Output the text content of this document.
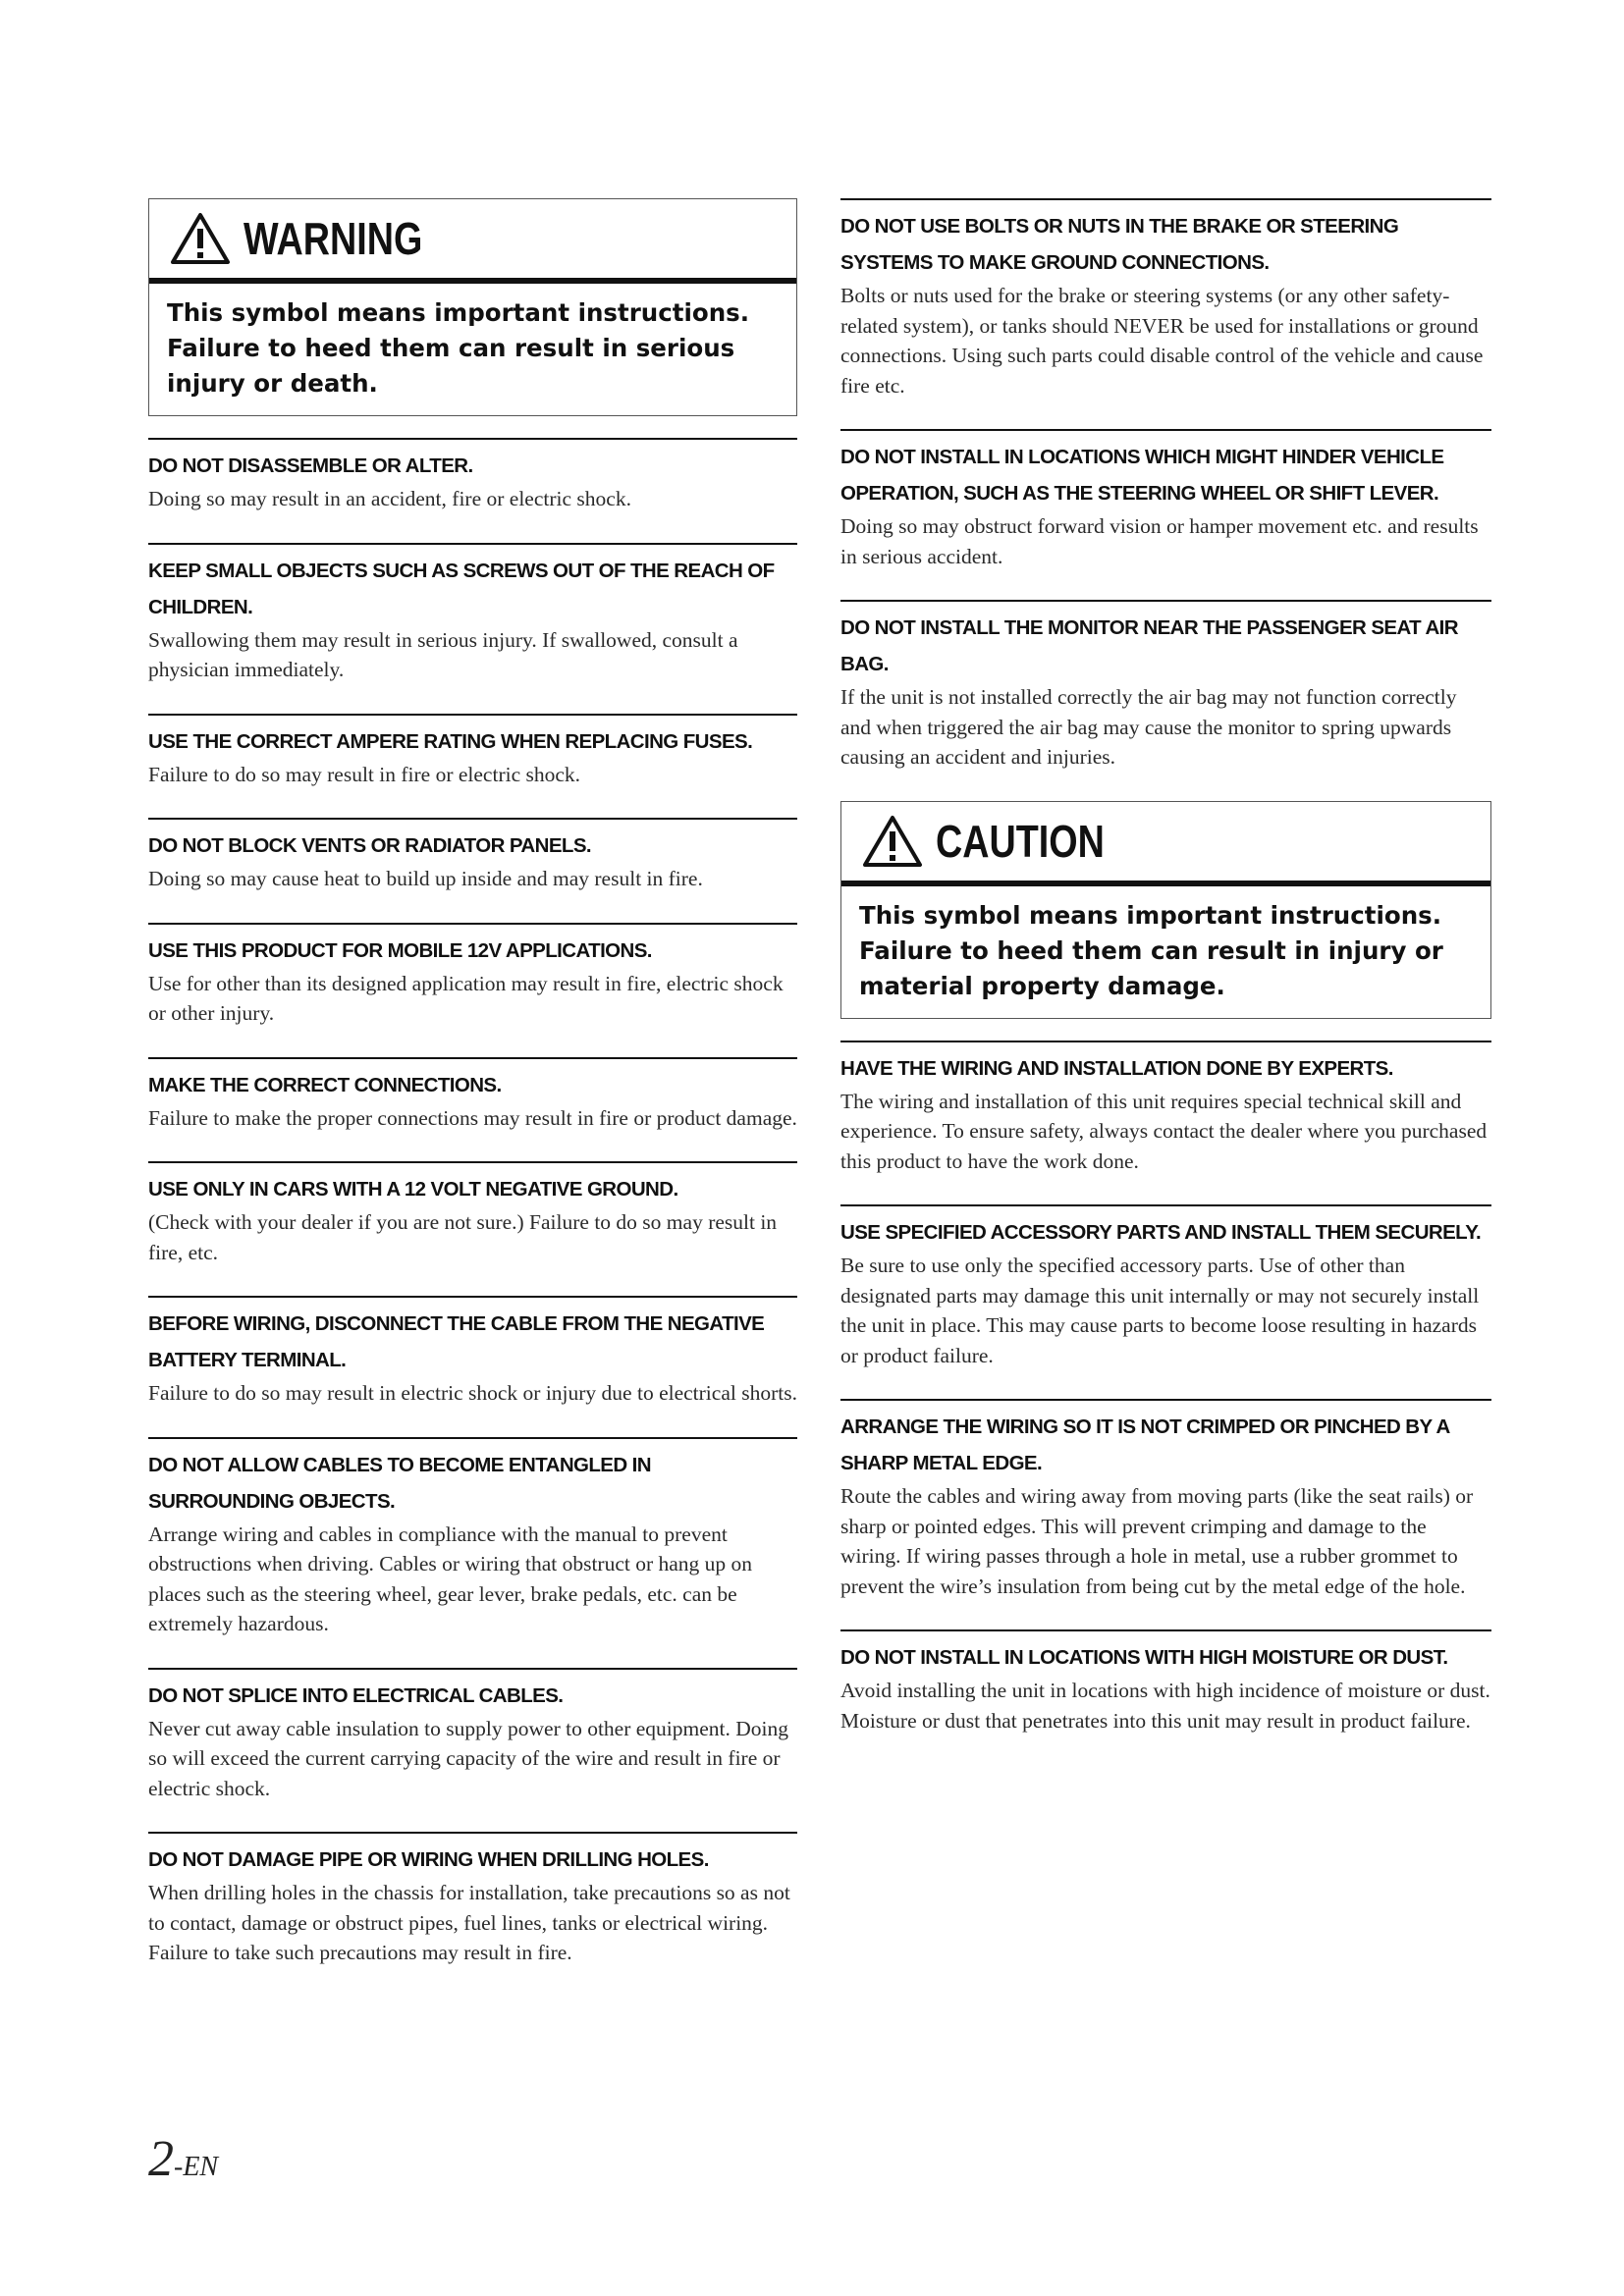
WARNING
This symbol means important instructions. Failure to heed them can result in serious injury or death.
DO NOT DISASSEMBLE OR ALTER.
Doing so may result in an accident, fire or electric shock.
KEEP SMALL OBJECTS SUCH AS SCREWS OUT OF THE REACH OF CHILDREN.
Swallowing them may result in serious injury. If swallowed, consult a physician immediately.
USE THE CORRECT AMPERE RATING WHEN REPLACING FUSES.
Failure to do so may result in fire or electric shock.
DO NOT BLOCK VENTS OR RADIATOR PANELS.
Doing so may cause heat to build up inside and may result in fire.
USE THIS PRODUCT FOR MOBILE 12V APPLICATIONS.
Use for other than its designed application may result in fire, electric shock or other injury.
MAKE THE CORRECT CONNECTIONS.
Failure to make the proper connections may result in fire or product damage.
USE ONLY IN CARS WITH A 12 VOLT NEGATIVE GROUND.
(Check with your dealer if you are not sure.) Failure to do so may result in fire, etc.
BEFORE WIRING, DISCONNECT THE CABLE FROM THE NEGATIVE BATTERY TERMINAL.
Failure to do so may result in electric shock or injury due to electrical shorts.
DO NOT ALLOW CABLES TO BECOME ENTANGLED IN SURROUNDING OBJECTS.
Arrange wiring and cables in compliance with the manual to prevent obstructions when driving. Cables or wiring that obstruct or hang up on places such as the steering wheel, gear lever, brake pedals, etc. can be extremely hazardous.
DO NOT SPLICE INTO ELECTRICAL CABLES.
Never cut away cable insulation to supply power to other equipment. Doing so will exceed the current carrying capacity of the wire and result in fire or electric shock.
DO NOT DAMAGE PIPE OR WIRING WHEN DRILLING HOLES.
When drilling holes in the chassis for installation, take precautions so as not to contact, damage or obstruct pipes, fuel lines, tanks or electrical wiring. Failure to take such precautions may result in fire.
DO NOT USE BOLTS OR NUTS IN THE BRAKE OR STEERING SYSTEMS TO MAKE GROUND CONNECTIONS.
Bolts or nuts used for the brake or steering systems (or any other safety-related system), or tanks should NEVER be used for installations or ground connections. Using such parts could disable control of the vehicle and cause fire etc.
DO NOT INSTALL IN LOCATIONS WHICH MIGHT HINDER VEHICLE OPERATION, SUCH AS THE STEERING WHEEL OR SHIFT LEVER.
Doing so may obstruct forward vision or hamper movement etc. and results in serious accident.
DO NOT INSTALL THE MONITOR NEAR THE PASSENGER SEAT AIR BAG.
If the unit is not installed correctly the air bag may not function correctly and when triggered the air bag may cause the monitor to spring upwards causing an accident and injuries.
CAUTION
This symbol means important instructions. Failure to heed them can result in injury or material property damage.
HAVE THE WIRING AND INSTALLATION DONE BY EXPERTS.
The wiring and installation of this unit requires special technical skill and experience. To ensure safety, always contact the dealer where you purchased this product to have the work done.
USE SPECIFIED ACCESSORY PARTS AND INSTALL THEM SECURELY.
Be sure to use only the specified accessory parts. Use of other than designated parts may damage this unit internally or may not securely install the unit in place. This may cause parts to become loose resulting in hazards or product failure.
ARRANGE THE WIRING SO IT IS NOT CRIMPED OR PINCHED BY A SHARP METAL EDGE.
Route the cables and wiring away from moving parts (like the seat rails) or sharp or pointed edges. This will prevent crimping and damage to the wiring. If wiring passes through a hole in metal, use a rubber grommet to prevent the wire’s insulation from being cut by the metal edge of the hole.
DO NOT INSTALL IN LOCATIONS WITH HIGH MOISTURE OR DUST.
Avoid installing the unit in locations with high incidence of moisture or dust. Moisture or dust that penetrates into this unit may result in product failure.
2-EN
